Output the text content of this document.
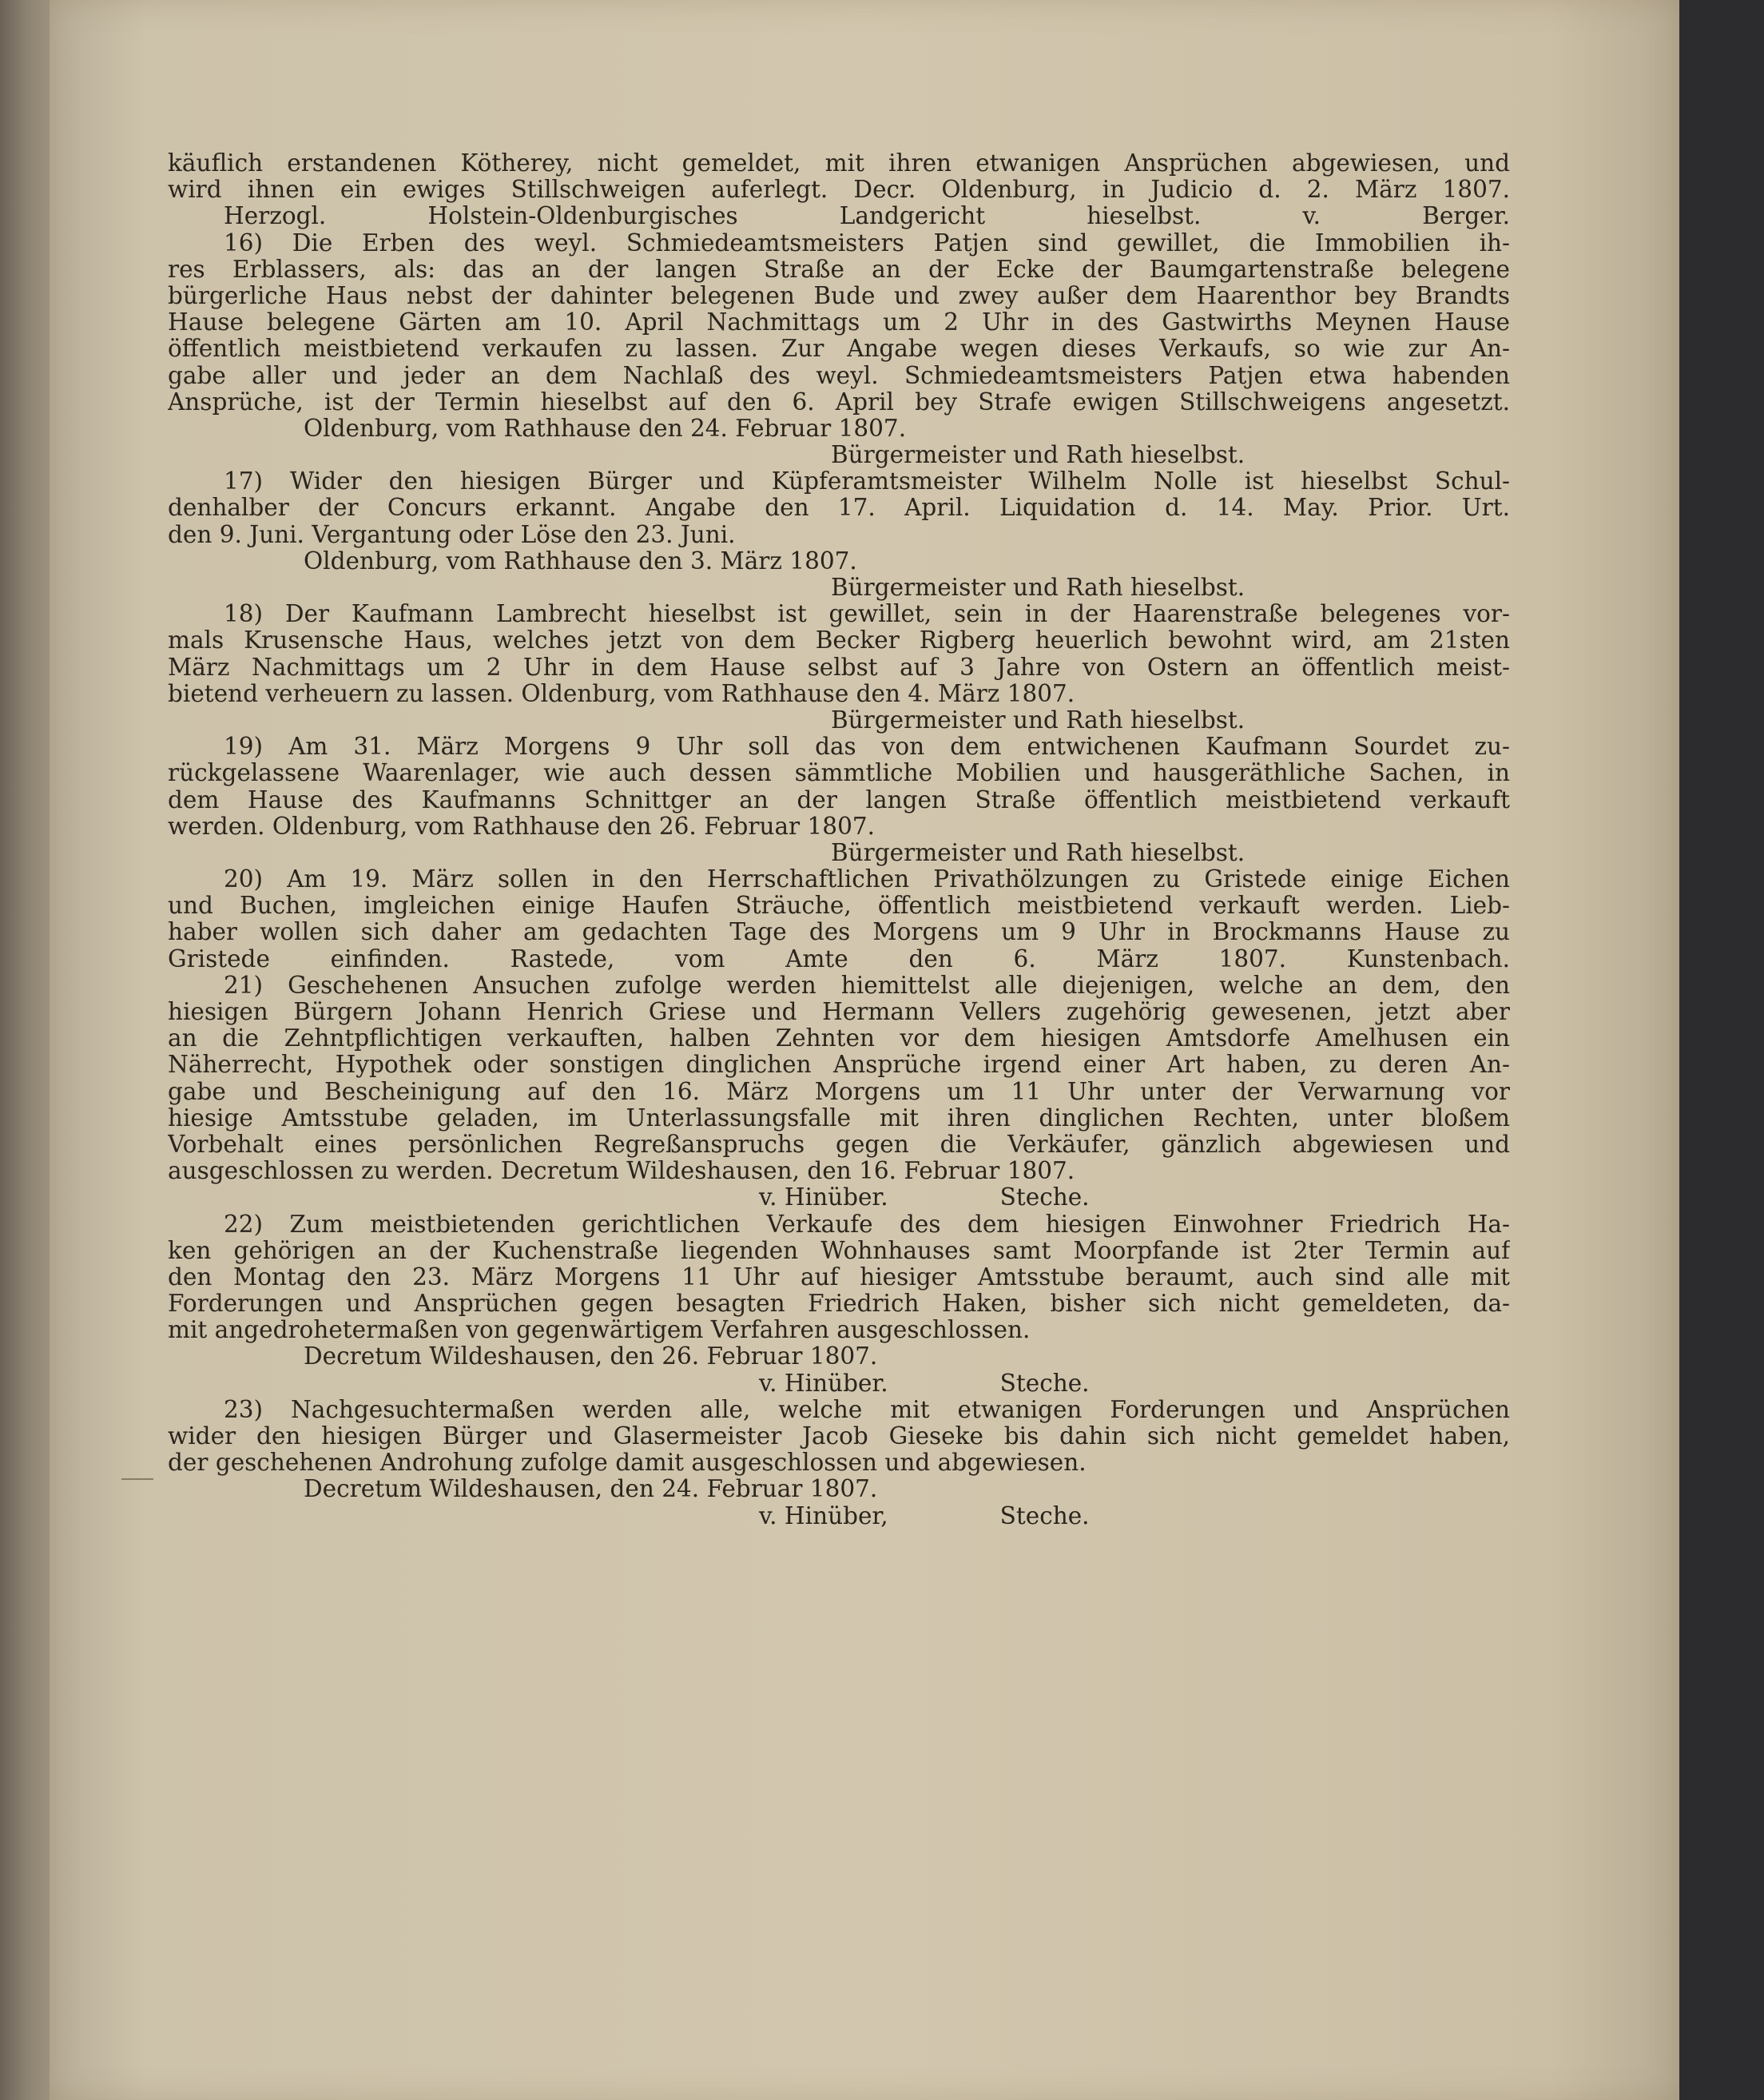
käuflich erstandenen Kötherey, nicht gemeldet, mit ihren etwanigen Ansprüchen abgewiesen, und
wird ihnen ein ewiges Stillschweigen auferlegt. Decr. Oldenburg, in Judicio d. 2. März 1807.
Herzogl. Holstein-Oldenburgisches Landgericht hieselbst. v. Berger.
16) Die Erben des weyl. Schmiedeamtsmeisters Patjen sind gewillet, die Immobilien ih-
res Erblassers, als: das an der langen Straße an der Ecke der Baumgartenstraße belegene
bürgerliche Haus nebst der dahinter belegenen Bude und zwey außer dem Haarenthor bey Brandts
Hause belegene Gärten am 10. April Nachmittags um 2 Uhr in des Gastwirths Meynen Hause
öffentlich meistbietend verkaufen zu lassen. Zur Angabe wegen dieses Verkaufs, so wie zur An-
gabe aller und jeder an dem Nachlaß des weyl. Schmiedeamtsmeisters Patjen etwa habenden
Ansprüche, ist der Termin hieselbst auf den 6. April bey Strafe ewigen Stillschweigens angesetzt.
Oldenburg, vom Rathhause den 24. Februar 1807.
Bürgermeister und Rath hieselbst.
17) Wider den hiesigen Bürger und Küpferamtsmeister Wilhelm Nolle ist hieselbst Schul-
denhalber der Concurs erkannt. Angabe den 17. April. Liquidation d. 14. May. Prior. Urt.
den 9. Juni. Vergantung oder Löse den 23. Juni.
Oldenburg, vom Rathhause den 3. März 1807.
Bürgermeister und Rath hieselbst.
18) Der Kaufmann Lambrecht hieselbst ist gewillet, sein in der Haarenstraße belegenes vor-
mals Krusensche Haus, welches jetzt von dem Becker Rigberg heuerlich bewohnt wird, am 21sten
März Nachmittags um 2 Uhr in dem Hause selbst auf 3 Jahre von Ostern an öffentlich meist-
bietend verheuern zu lassen. Oldenburg, vom Rathhause den 4. März 1807.
Bürgermeister und Rath hieselbst.
19) Am 31. März Morgens 9 Uhr soll das von dem entwichenen Kaufmann Sourdet zu-
rückgelassene Waarenlager, wie auch dessen sämmtliche Mobilien und hausgeräthliche Sachen, in
dem Hause des Kaufmanns Schnittger an der langen Straße öffentlich meistbietend verkauft
werden. Oldenburg, vom Rathhause den 26. Februar 1807.
Bürgermeister und Rath hieselbst.
20) Am 19. März sollen in den Herrschaftlichen Privathölzungen zu Gristede einige Eichen
und Buchen, imgleichen einige Haufen Sträuche, öffentlich meistbietend verkauft werden. Lieb-
haber wollen sich daher am gedachten Tage des Morgens um 9 Uhr in Brockmanns Hause zu
Gristede einfinden. Rastede, vom Amte den 6. März 1807. Kunstenbach.
21) Geschehenen Ansuchen zufolge werden hiemittelst alle diejenigen, welche an dem, den
hiesigen Bürgern Johann Henrich Griese und Hermann Vellers zugehörig gewesenen, jetzt aber
an die Zehntpflichtigen verkauften, halben Zehnten vor dem hiesigen Amtsdorfe Amelhusen ein
Näherrecht, Hypothek oder sonstigen dinglichen Ansprüche irgend einer Art haben, zu deren An-
gabe und Bescheinigung auf den 16. März Morgens um 11 Uhr unter der Verwarnung vor
hiesige Amtsstube geladen, im Unterlassungsfalle mit ihren dinglichen Rechten, unter bloßem
Vorbehalt eines persönlichen Regreßanspruchs gegen die Verkäufer, gänzlich abgewiesen und
ausgeschlossen zu werden. Decretum Wildeshausen, den 16. Februar 1807.
v. Hinüber.	Steche.
22) Zum meistbietenden gerichtlichen Verkaufe des dem hiesigen Einwohner Friedrich Ha-
ken gehörigen an der Kuchenstraße liegenden Wohnhauses samt Moorpfande ist 2ter Termin auf
den Montag den 23. März Morgens 11 Uhr auf hiesiger Amtsstube beraumt, auch sind alle mit
Forderungen und Ansprüchen gegen besagten Friedrich Haken, bisher sich nicht gemeldeten, da-
mit angedrohetermaßen von gegenwärtigem Verfahren ausgeschlossen.
Decretum Wildeshausen, den 26. Februar 1807.
v. Hinüber.	Steche.
23) Nachgesuchtermaßen werden alle, welche mit etwanigen Forderungen und Ansprüchen
wider den hiesigen Bürger und Glasermeister Jacob Gieseke bis dahin sich nicht gemeldet haben,
der geschehenen Androhung zufolge damit ausgeschlossen und abgewiesen.
Decretum Wildeshausen, den 24. Februar 1807.
v. Hinüber,	Steche.
